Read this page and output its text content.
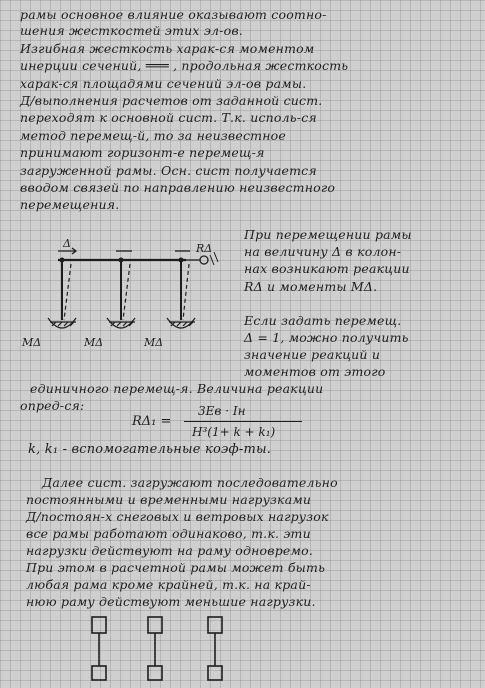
рамы основное влияние оказывают соотно-
шения жесткостей этих эл-ов.
Изгибная жесткость харак-ся моментом
инерции сечений, ═══ , продольная жесткость
харак-ся площадями сечений эл-ов рамы.
Д/выполнения расчетов от заданной сист.
переходят к основной сист. Т.к. исполь-ся
метод перемещ-й, то за неизвестное
принимают горизонт-е перемещ-я
загруженной рамы. Осн. сист получается
вводом связей по направлению неизвестного
перемещения.
Δ	RΔ
MΔ	MΔ	MΔ
При перемещении рамы
на величину Δ в колон-
нах возникают реакции
RΔ и моменты MΔ.
Если задать перемещ.
Δ = 1, можно получить
значение реакций и
моментов от этого
единичного перемещ-я. Величина реакции
опред-ся:
RΔ₁ =
3Eв · Iн
H³(1+ k + k₁)
k, k₁ - вспомогательные коэф-ты.
Далее сист. загружают последовательно
постоянными и временными нагрузками
Д/постоян-х снеговых и ветровых нагрузок
все рамы работают одинаково, т.к. эти
нагрузки действуют на раму одновремо.
При этом в расчетной рамы может быть
любая рама кроме крайней, т.к. на край-
нюю раму действуют меньшие нагрузки.
